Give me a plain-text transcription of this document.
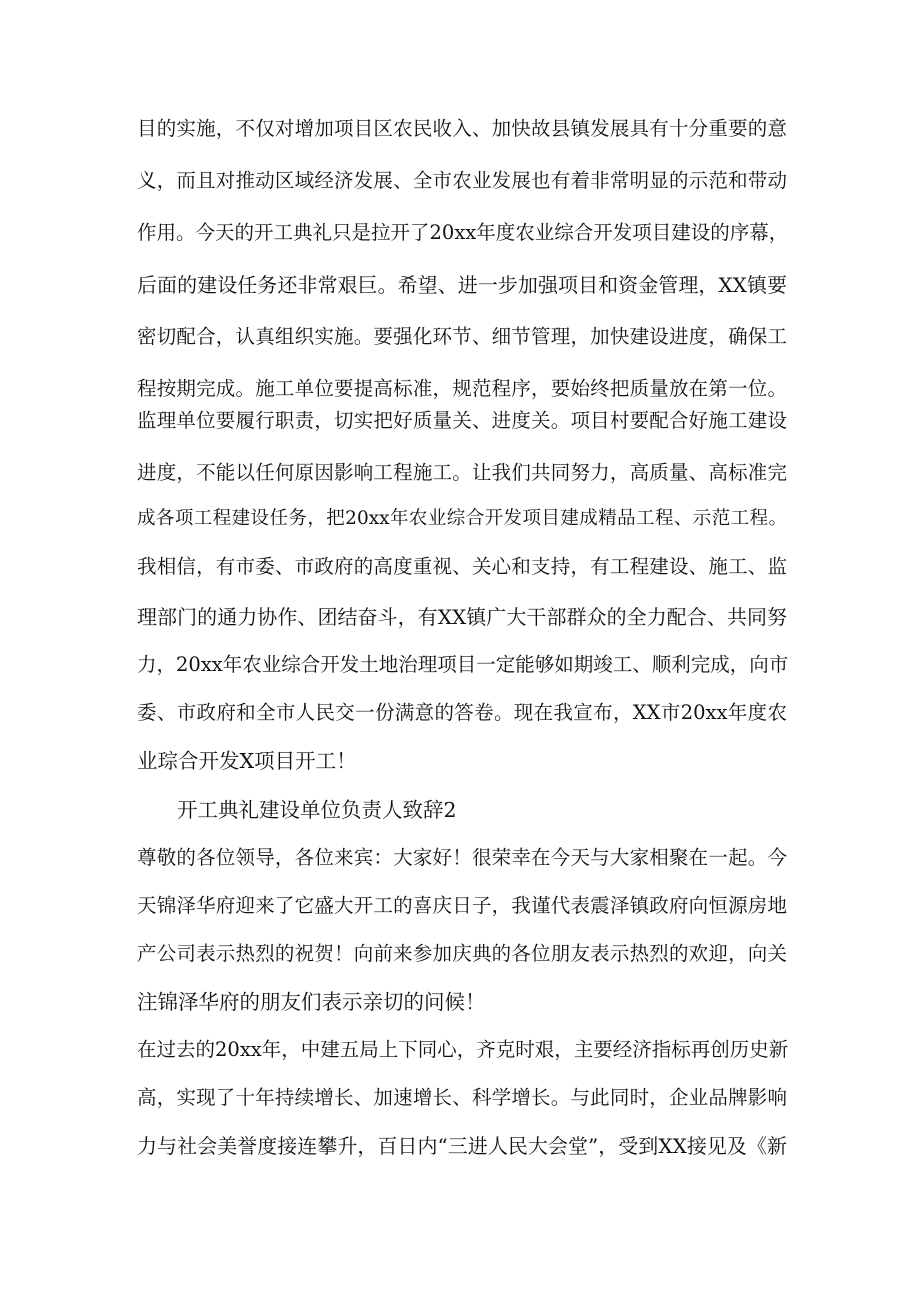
目的实施，不仅对增加项目区农民收入、加快故县镇发展具有十分重要的意
义，而且对推动区域经济发展、全市农业发展也有着非常明显的示范和带动
作用。今天的开工典礼只是拉开了20xx年度农业综合开发项目建设的序幕，
后面的建设任务还非常艰巨。希望、进一步加强项目和资金管理，XX镇要
密切配合，认真组织实施。要强化环节、细节管理，加快建设进度，确保工
程按期完成。施工单位要提高标准，规范程序，要始终把质量放在第一位。
监理单位要履行职责，切实把好质量关、进度关。项目村要配合好施工建设
进度，不能以任何原因影响工程施工。让我们共同努力，高质量、高标准完
成各项工程建设任务，把20xx年农业综合开发项目建成精品工程、示范工程。
我相信，有市委、市政府的高度重视、关心和支持，有工程建设、施工、监
理部门的通力协作、团结奋斗，有XX镇广大干部群众的全力配合、共同努
力，20xx年农业综合开发土地治理项目一定能够如期竣工、顺利完成，向市
委、市政府和全市人民交一份满意的答卷。现在我宣布，XX市20xx年度农
业琮合开发X项目开工！
开工典礼建设单位负责人致辞2
尊敬的各位领导，各位来宾：大家好！很荣幸在今天与大家相聚在一起。今
天锦泽华府迎来了它盛大开工的喜庆日子，我谨代表震泽镇政府向恒源房地
产公司表示热烈的祝贺！向前来参加庆典的各位朋友表示热烈的欢迎，向关
注锦泽华府的朋友们表示亲切的问候！
在过去的20xx年，中建五局上下同心，齐克时艰，主要经济指标再创历史新
高，实现了十年持续增长、加速增长、科学增长。与此同时，企业品牌影响
力与社会美誉度接连攀升，百日内“三进人民大会堂”，受到XX接见及《新
